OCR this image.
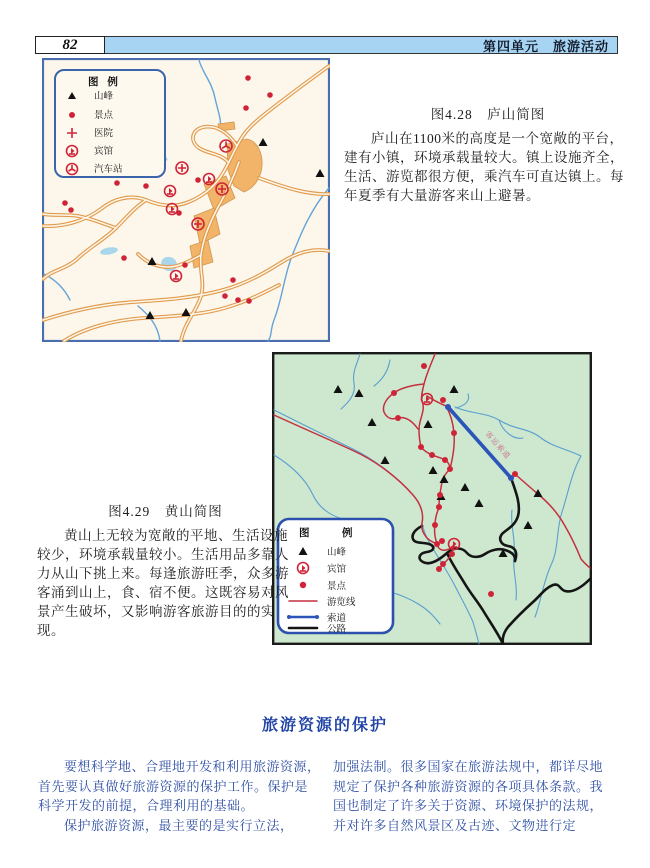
82	第四单元　旅游活动
图 例
山峰
景点
医院
宾馆
汽车站
图4.28　庐山简图
庐山在1100米的高度是一个宽敞的平台，建有小镇，环境承载量较大。镇上设施齐全，生活、游览都很方便，乘汽车可直达镇上。每年夏季有大量游客来山上避暑。
客运索道
图	例
山峰
宾馆
景点
游览线
索道
公路
图4.29　黄山简图
黄山上无较为宽敞的平地、生活设施较少，环境承载量较小。生活用品多靠人力从山下挑上来。每逢旅游旺季，众多游客涌到山上，食、宿不便。这既容易对风景产生破坏，又影响游客旅游目的的实现。
旅游资源的保护

要想科学地、合理地开发和利用旅游资源，首先要认真做好旅游资源的保护工作。保护是科学开发的前提，合理利用的基础。

保护旅游资源，最主要的是实行立法，

加强法制。很多国家在旅游法规中，都详尽地规定了保护各种旅游资源的各项具体条款。我国也制定了许多关于资源、环境保护的法规，并对许多自然风景区及古迹、文物进行定
